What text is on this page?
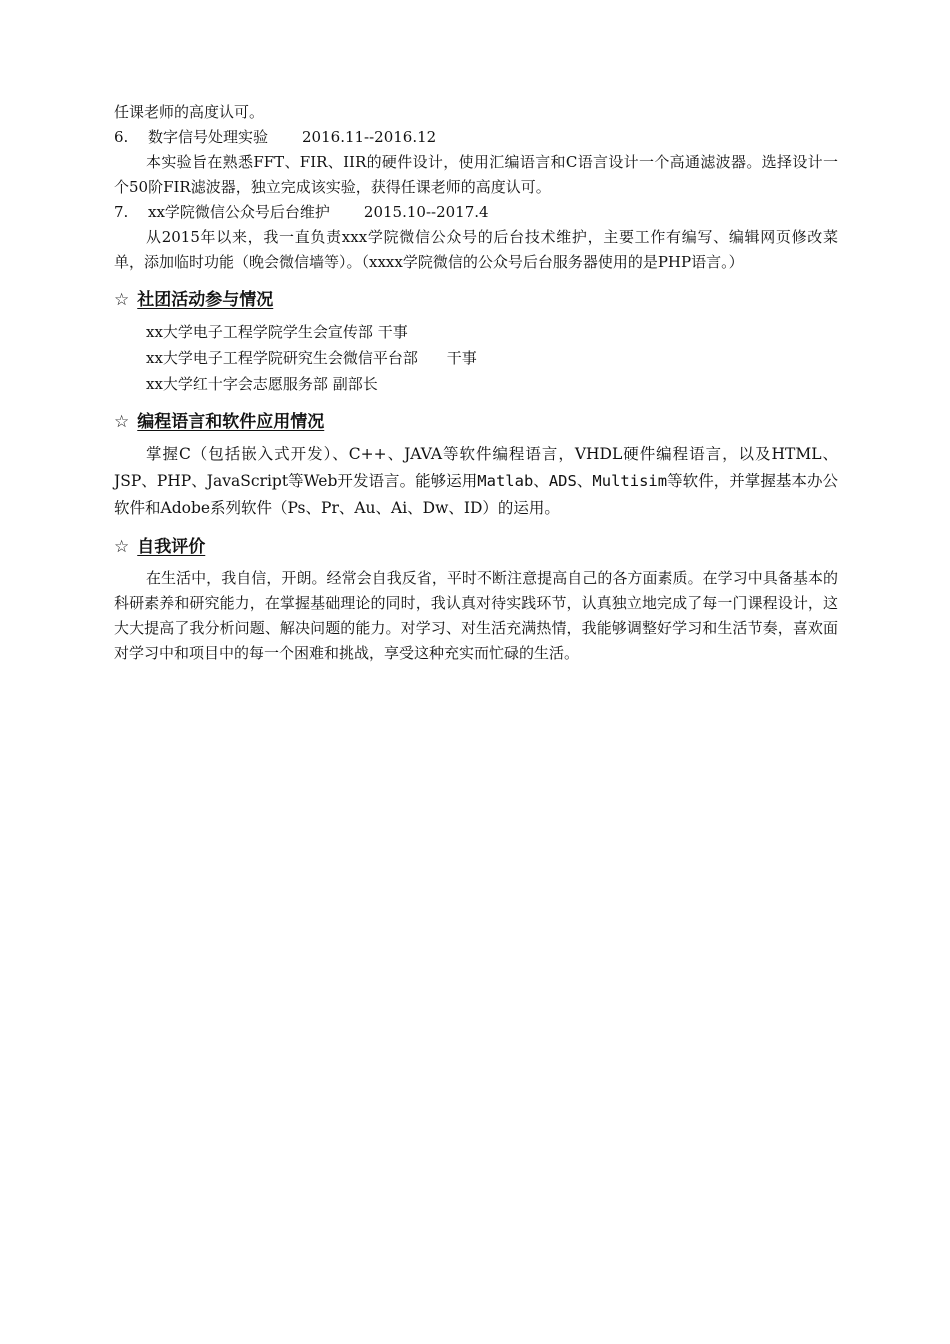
任课老师的高度认可。

6.	数字信号处理实验 2016.11--2016.12

本实验旨在熟悉FFT、FIR、IIR的硬件设计，使用汇编语言和C语言设计一个高通滤波器。选择设计一个50阶FIR滤波器，独立完成该实验，获得任课老师的高度认可。

7.	xx学院微信公众号后台维护 2015.10--2017.4

从2015年以来，我一直负责xxx学院微信公众号的后台技术维护，主要工作有编写、编辑网页修改菜单，添加临时功能（晚会微信墙等）。（xxxx学院微信的公众号后台服务器使用的是PHP语言。）

☆ 社团活动参与情况
xx大学电子工程学院学生会宣传部 干事
xx大学电子工程学院研究生会微信平台部 干事
xx大学红十字会志愿服务部 副部长
☆ 编程语言和软件应用情况

掌握C（包括嵌入式开发）、C++、JAVA等软件编程语言，VHDL硬件编程语言，以及HTML、JSP、PHP、JavaScript等Web开发语言。能够运用Matlab、ADS、Multisim等软件，并掌握基本办公软件和Adobe系列软件（Ps、Pr、Au、Ai、Dw、ID）的运用。

☆ 自我评价

在生活中，我自信，开朗。经常会自我反省，平时不断注意提高自己的各方面素质。在学习中具备基本的科研素养和研究能力，在掌握基础理论的同时，我认真对待实践环节，认真独立地完成了每一门课程设计，这大大提高了我分析问题、解决问题的能力。对学习、对生活充满热情，我能够调整好学习和生活节奏，喜欢面对学习中和项目中的每一个困难和挑战，享受这种充实而忙碌的生活。
